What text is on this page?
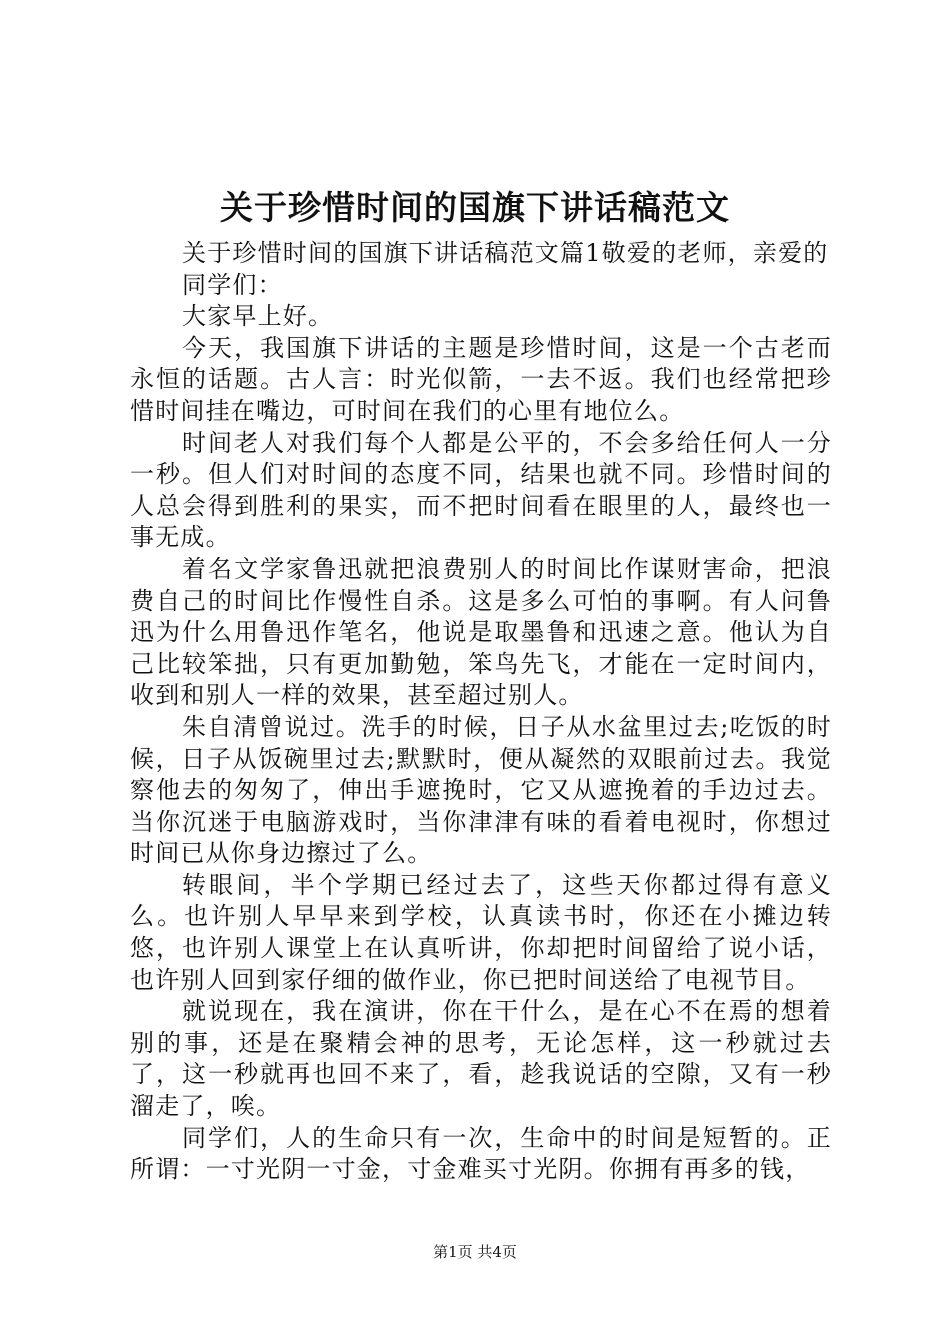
关于珍惜时间的国旗下讲话稿范文

关于珍惜时间的国旗下讲话稿范文篇1敬爱的老师，亲爱的

同学们：

大家早上好。

今天，我国旗下讲话的主题是珍惜时间，这是一个古老而永恒的话题。古人言：时光似箭，一去不返。我们也经常把珍惜时间挂在嘴边，可时间在我们的心里有地位么。

时间老人对我们每个人都是公平的，不会多给任何人一分一秒。但人们对时间的态度不同，结果也就不同。珍惜时间的人总会得到胜利的果实，而不把时间看在眼里的人，最终也一事无成。

着名文学家鲁迅就把浪费别人的时间比作谋财害命，把浪费自己的时间比作慢性自杀。这是多么可怕的事啊。有人问鲁迅为什么用鲁迅作笔名，他说是取墨鲁和迅速之意。他认为自己比较笨拙，只有更加勤勉，笨鸟先飞，才能在一定时间内，收到和别人一样的效果，甚至超过别人。

朱自清曾说过。洗手的时候，日子从水盆里过去;吃饭的时候，日子从饭碗里过去;默默时，便从凝然的双眼前过去。我觉察他去的匆匆了，伸出手遮挽时，它又从遮挽着的手边过去。当你沉迷于电脑游戏时，当你津津有味的看着电视时，你想过时间已从你身边擦过了么。

转眼间，半个学期已经过去了，这些天你都过得有意义么。也许别人早早来到学校，认真读书时，你还在小摊边转悠，也许别人课堂上在认真听讲，你却把时间留给了说小话，也许别人回到家仔细的做作业，你已把时间送给了电视节目。

就说现在，我在演讲，你在干什么，是在心不在焉的想着别的事，还是在聚精会神的思考，无论怎样，这一秒就过去了，这一秒就再也回不来了，看，趁我说话的空隙，又有一秒溜走了，唉。

同学们，人的生命只有一次，生命中的时间是短暂的。正所谓：一寸光阴一寸金，寸金难买寸光阴。你拥有再多的钱，

第1页 共4页
